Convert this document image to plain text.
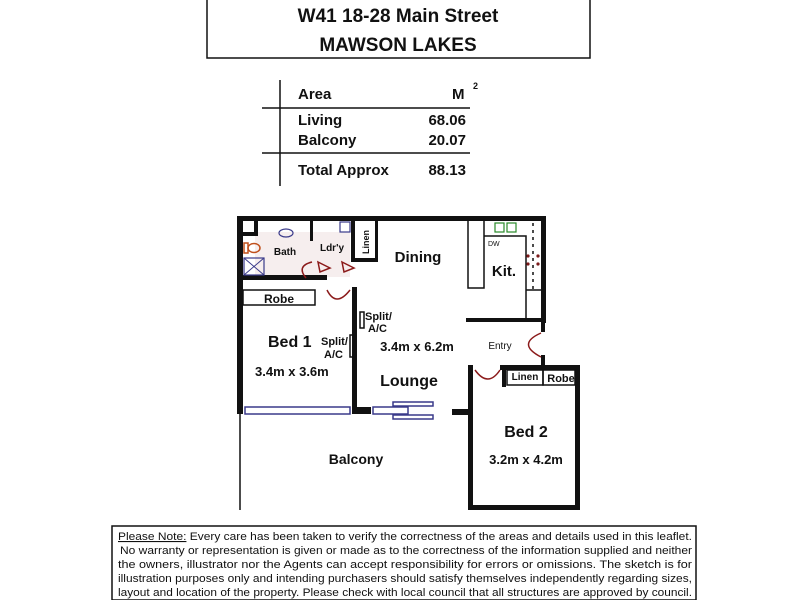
W41 18-28 Main Street
MAWSON LAKES
Area	M 2
Living	68.06
Balcony	20.07
Total Approx	88.13
Robe
Bath Ldr'y Linen
Dining
DW
Kit.
Split/
A/C
Split/
A/C
Bed 1
3.4m x 3.6m
3.4m x 6.2m
Lounge
Entry
Linen Robe
Bed 2
3.2m x 4.2m
Balcony
Please Note: Every care has been taken to verify the correctness of the areas and details used in this leaflet.
No warranty or representation is given or made as to the correctness of the information supplied and neither
the owners, illustrator nor the Agents can accept responsibility for errors or omissions. The sketch is for
illustration purposes only and intending purchasers should satisfy themselves independently regarding sizes,
layout and location of the property. Please check with local council that all structures are approved by council.
